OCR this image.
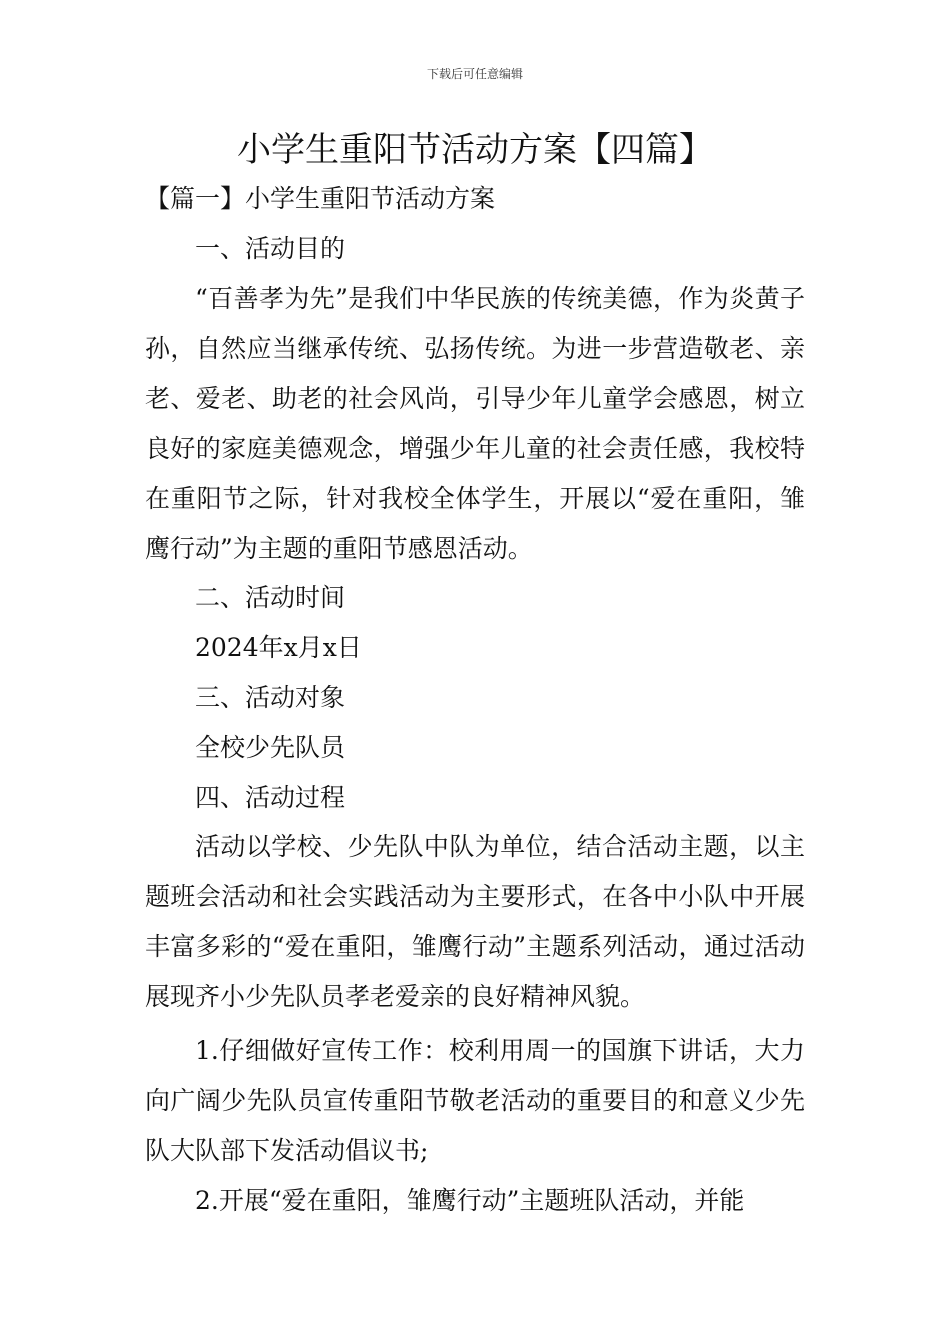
下载后可任意编辑
小学生重阳节活动方案【四篇】
【篇一】小学生重阳节活动方案
一、活动目的

“百善孝为先”是我们中华民族的传统美德，作为炎黄子孙，自然应当继承传统、弘扬传统。为进一步营造敬老、亲老、爱老、助老的社会风尚，引导少年儿童学会感恩，树立良好的家庭美德观念，增强少年儿童的社会责任感，我校特在重阳节之际，针对我校全体学生，开展以“爱在重阳，雏鹰行动”为主题的重阳节感恩活动。

二、活动时间
2024年x月x日
三、活动对象
全校少先队员
四、活动过程

活动以学校、少先队中队为单位，结合活动主题，以主题班会活动和社会实践活动为主要形式，在各中小队中开展丰富多彩的“爱在重阳，雏鹰行动”主题系列活动，通过活动展现齐小少先队员孝老爱亲的良好精神风貌。

1.仔细做好宣传工作：校利用周一的国旗下讲话，大力向广阔少先队员宣传重阳节敬老活动的重要目的和意义少先队大队部下发活动倡议书;

2.开展“爱在重阳，雏鹰行动”主题班队活动，并能
